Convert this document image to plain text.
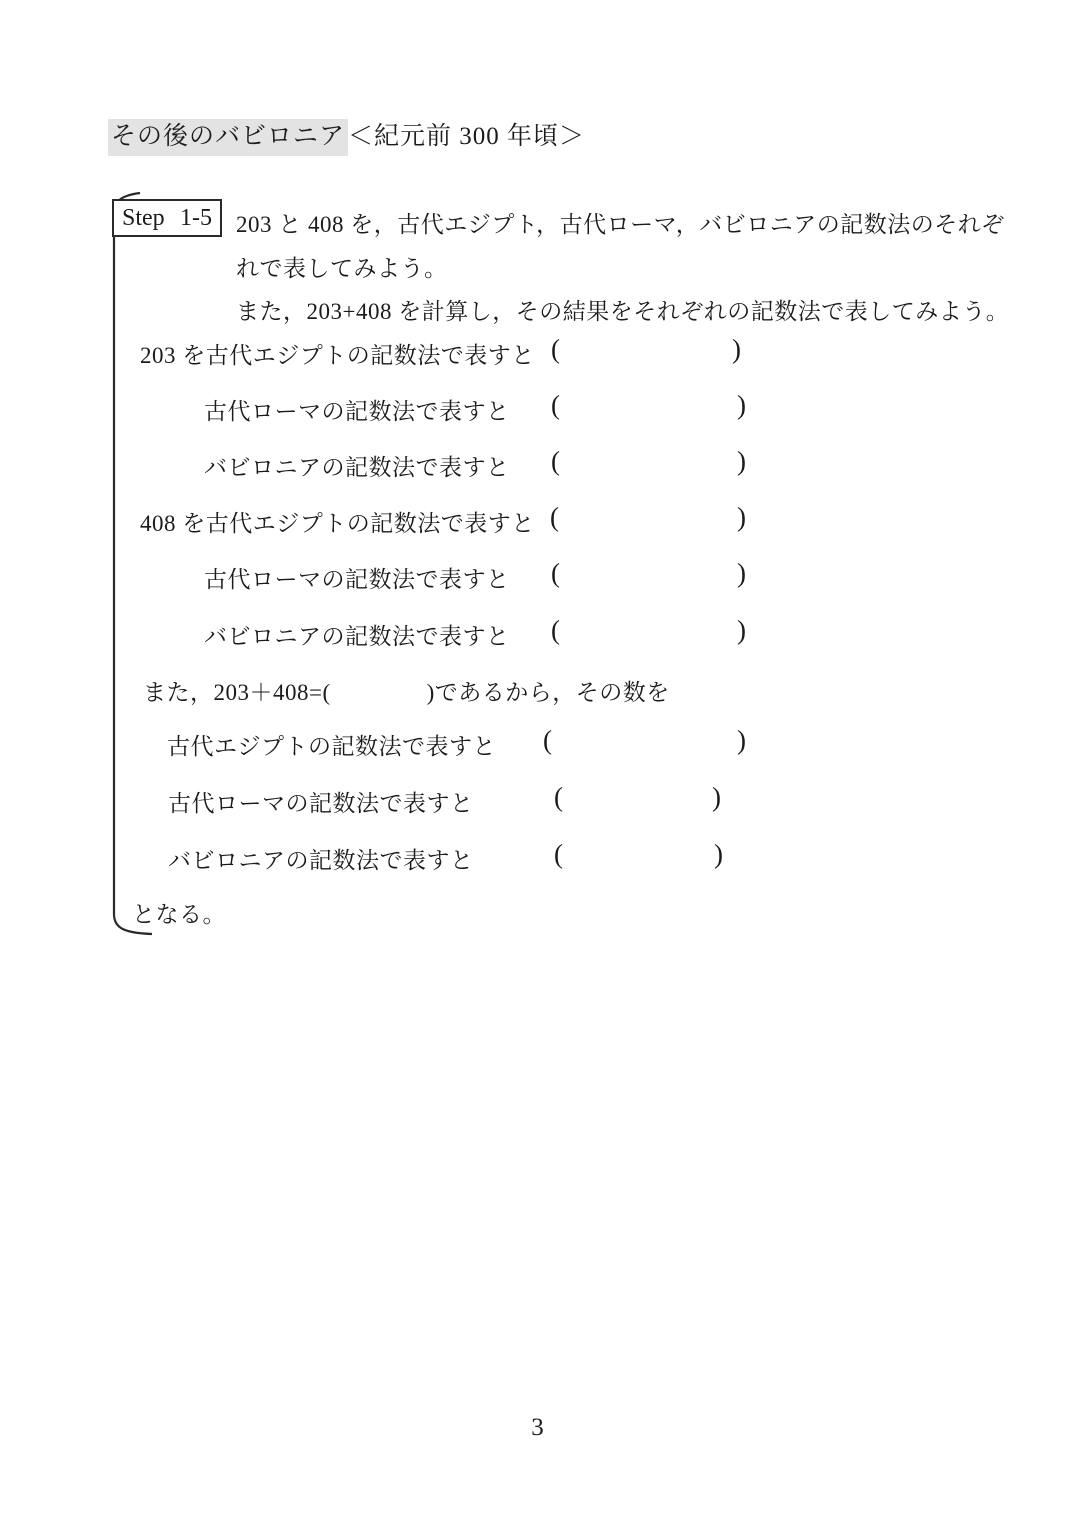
その後のバビロニア ＜紀元前 300 年頃＞
Step 1-5 203 と 408 を，古代エジプト，古代ローマ，バビロニアの記数法のそれぞ
れで表してみよう。
また，203+408 を計算し，その結果をそれぞれの記数法で表してみよう。
203 を古代エジプトの記数法で表すと (	)
古代ローマの記数法で表すと (	)
バビロニアの記数法で表すと (	)
408 を古代エジプトの記数法で表すと (	)
古代ローマの記数法で表すと (	)
バビロニアの記数法で表すと (	)
また，203＋408=(	)であるから，その数を
古代エジプトの記数法で表すと (	)
古代ローマの記数法で表すと	(	)
バビロニアの記数法で表すと	(	)
となる。
3
